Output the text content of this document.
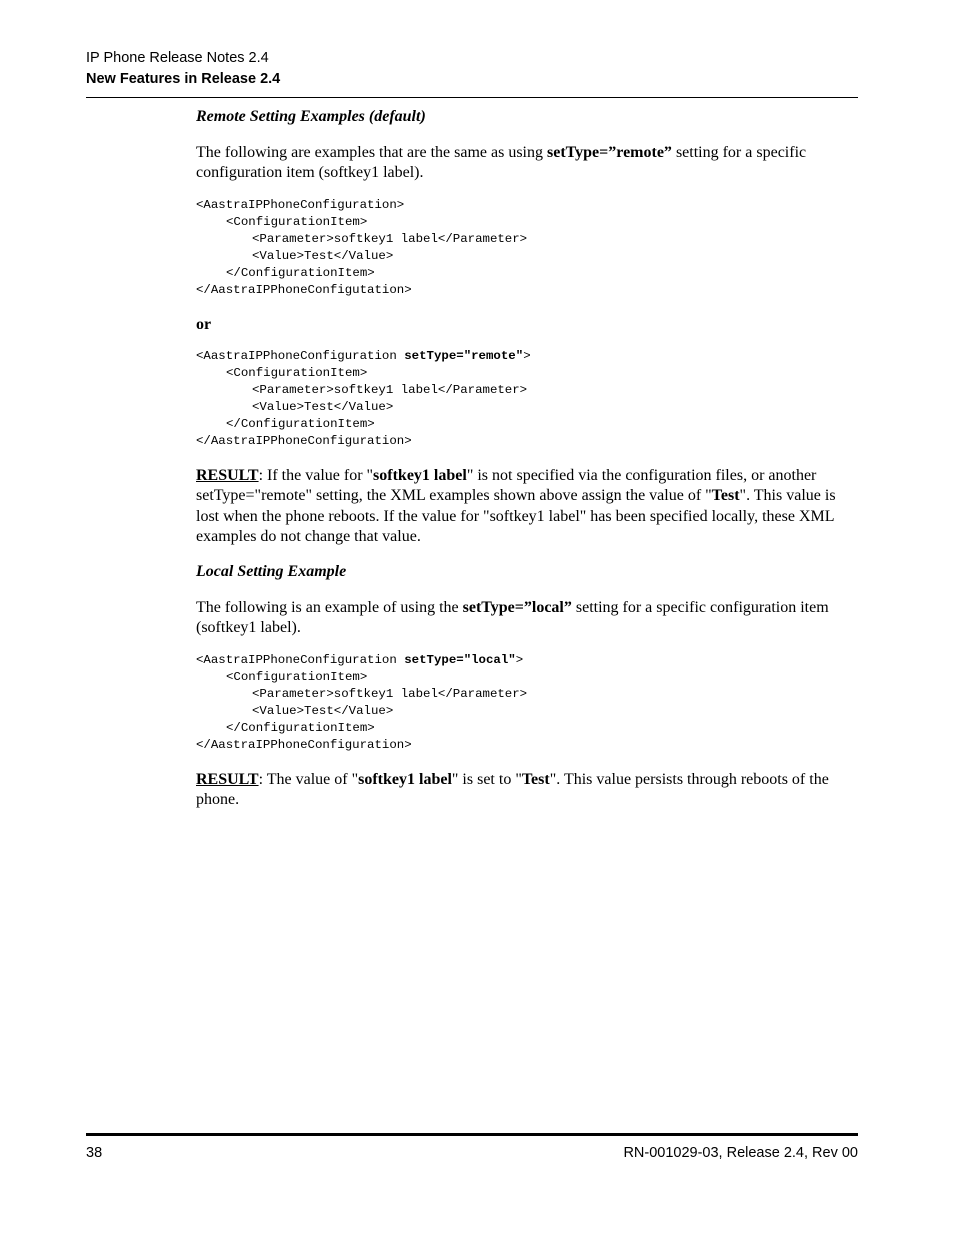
IP Phone Release Notes 2.4
New Features in Release 2.4
Remote Setting Examples (default)
The following are examples that are the same as using setType=”remote” setting for a specific configuration item (softkey1 label).
<AastraIPPhoneConfiguration>
<ConfigurationItem>
<Parameter>softkey1 label</Parameter>
<Value>Test</Value>
</ConfigurationItem>
</AastraIPPhoneConfigutation>
or
<AastraIPPhoneConfiguration setType="remote">
<ConfigurationItem>
<Parameter>softkey1 label</Parameter>
<Value>Test</Value>
</ConfigurationItem>
</AastraIPPhoneConfiguration>
RESULT: If the value for "softkey1 label" is not specified via the configuration files, or another setType="remote" setting, the XML examples shown above assign the value of "Test". This value is lost when the phone reboots. If the value for "softkey1 label" has been specified locally, these XML examples do not change that value.
Local Setting Example
The following is an example of using the setType=”local” setting for a specific configuration item (softkey1 label).
<AastraIPPhoneConfiguration setType="local">
<ConfigurationItem>
<Parameter>softkey1 label</Parameter>
<Value>Test</Value>
</ConfigurationItem>
</AastraIPPhoneConfiguration>
RESULT: The value of "softkey1 label" is set to "Test". This value persists through reboots of the phone.
38	RN-001029-03, Release 2.4, Rev 00
